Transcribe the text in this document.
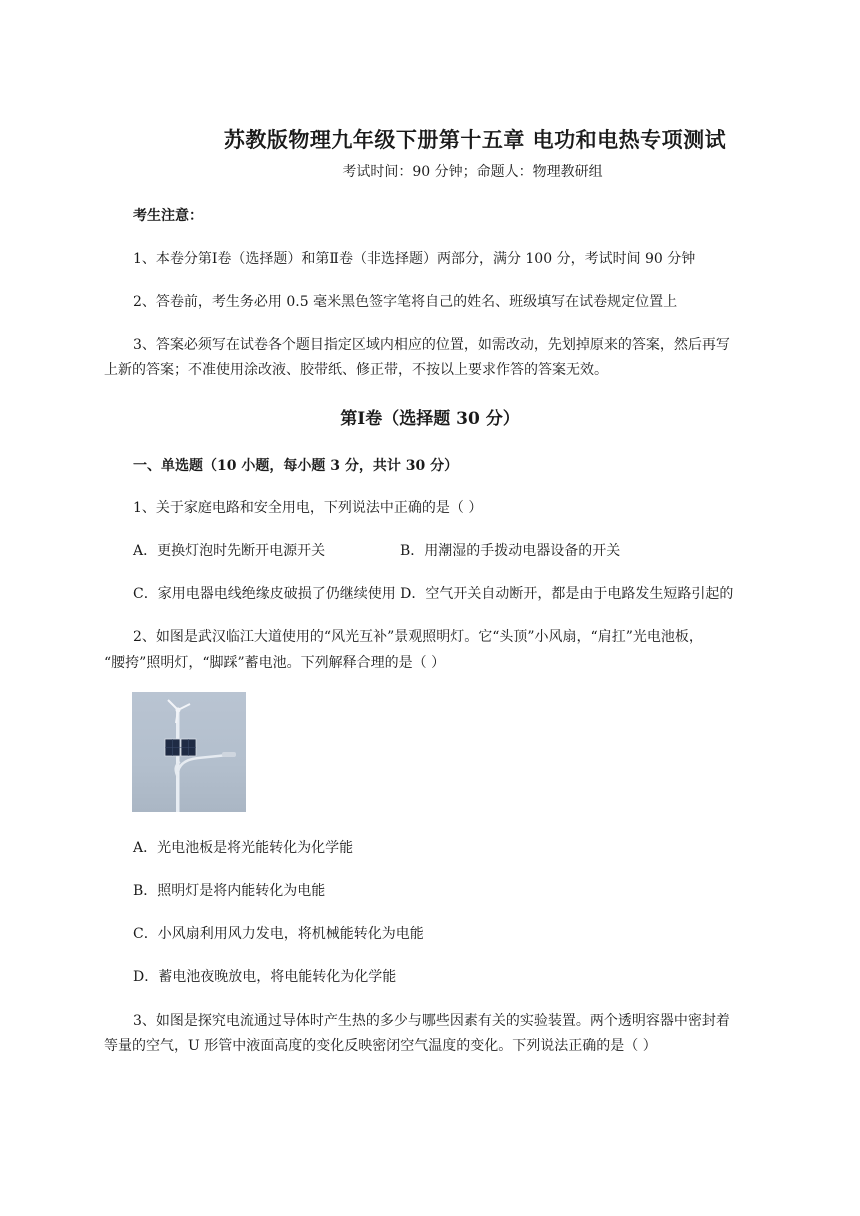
苏教版物理九年级下册第十五章 电功和电热专项测试
考试时间：90 分钟；命题人：物理教研组
考生注意：
1、本卷分第Ⅰ卷（选择题）和第Ⅱ卷（非选择题）两部分，满分 100 分，考试时间 90 分钟
2、答卷前，考生务必用 0.5 毫米黑色签字笔将自己的姓名、班级填写在试卷规定位置上
3、答案必须写在试卷各个题目指定区域内相应的位置，如需改动，先划掉原来的答案，然后再写
上新的答案；不准使用涂改液、胶带纸、修正带，不按以上要求作答的答案无效。
第Ⅰ卷（选择题 30 分）
一、单选题（10 小题，每小题 3 分，共计 30 分）
1、关于家庭电路和安全用电，下列说法中正确的是（ ）
A．更换灯泡时先断开电源开关	B．用潮湿的手拨动电器设备的开关
C．家用电器电线绝缘皮破损了仍继续使用 D．空气开关自动断开，都是由于电路发生短路引起的
2、如图是武汉临江大道使用的“风光互补”景观照明灯。它“头顶”小风扇，“肩扛”光电池板，
“腰挎”照明灯，“脚踩”蓄电池。下列解释合理的是（ ）
A．光电池板是将光能转化为化学能
B．照明灯是将内能转化为电能
C．小风扇利用风力发电，将机械能转化为电能
D．蓄电池夜晚放电，将电能转化为化学能
3、如图是探究电流通过导体时产生热的多少与哪些因素有关的实验装置。两个透明容器中密封着
等量的空气，U 形管中液面高度的变化反映密闭空气温度的变化。下列说法正确的是（ ）
